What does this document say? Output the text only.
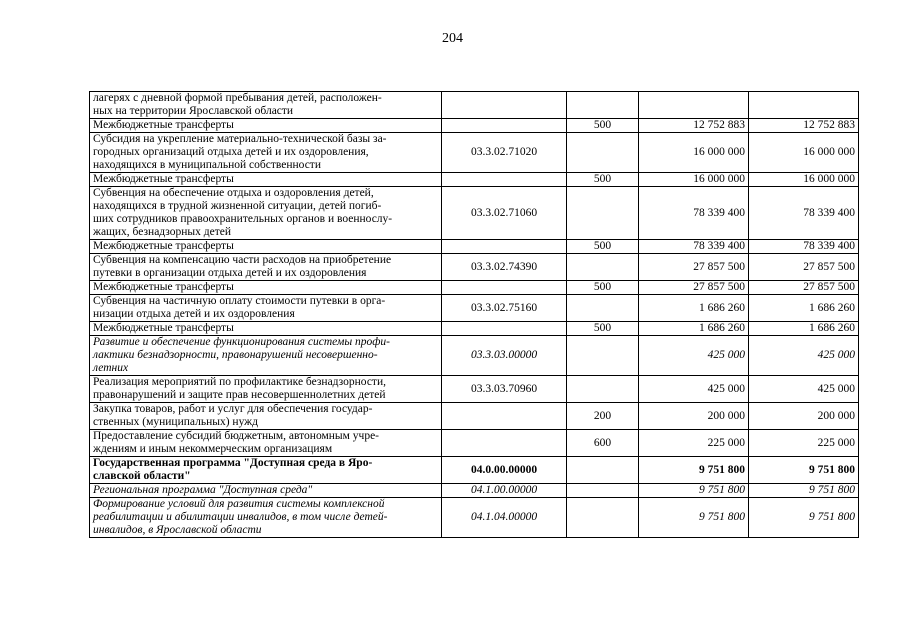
204
лагерях с дневной формой пребывания детей, расположен-
ных на территории Ярославской области				

Межбюджетные трансферты		500	12 752 883	12 752 883

Субсидия на укрепление материально-технической базы за-
городных организаций отдыха детей и их оздоровления,
находящихся в муниципальной собственности	03.3.02.71020		16 000 000	16 000 000

Межбюджетные трансферты		500	16 000 000	16 000 000

Субвенция на обеспечение отдыха и оздоровления детей,
находящихся в трудной жизненной ситуации, детей погиб-
ших сотрудников правоохранительных органов и военнослу-
жащих, безнадзорных детей	03.3.02.71060		78 339 400	78 339 400

Межбюджетные трансферты		500	78 339 400	78 339 400

Субвенция на компенсацию части расходов на приобретение
путевки в организации отдыха детей и их оздоровления	03.3.02.74390		27 857 500	27 857 500

Межбюджетные трансферты		500	27 857 500	27 857 500

Субвенция на частичную оплату стоимости путевки в орга-
низации отдыха детей и их оздоровления	03.3.02.75160		1 686 260	1 686 260

Межбюджетные трансферты		500	1 686 260	1 686 260

Развитие и обеспечение функционирования системы профи-
лактики безнадзорности, правонарушений несовершенно-
летних	03.3.03.00000		425 000	425 000

Реализация мероприятий по профилактике безнадзорности,
правонарушений и защите прав несовершеннолетних детей	03.3.03.70960		425 000	425 000

Закупка товаров, работ и услуг для обеспечения государ-
ственных (муниципальных) нужд		200	200 000	200 000

Предоставление субсидий бюджетным, автономным учре-
ждениям и иным некоммерческим организациям		600	225 000	225 000

Государственная программа "Доступная среда в Яро-
славской области"	04.0.00.00000		9 751 800	9 751 800

Региональная программа "Доступная среда"	04.1.00.00000		9 751 800	9 751 800

Формирование условий для развития системы комплексной
реабилитации и абилитации инвалидов, в том числе детей-
инвалидов, в Ярославской области	04.1.04.00000		9 751 800	9 751 800
